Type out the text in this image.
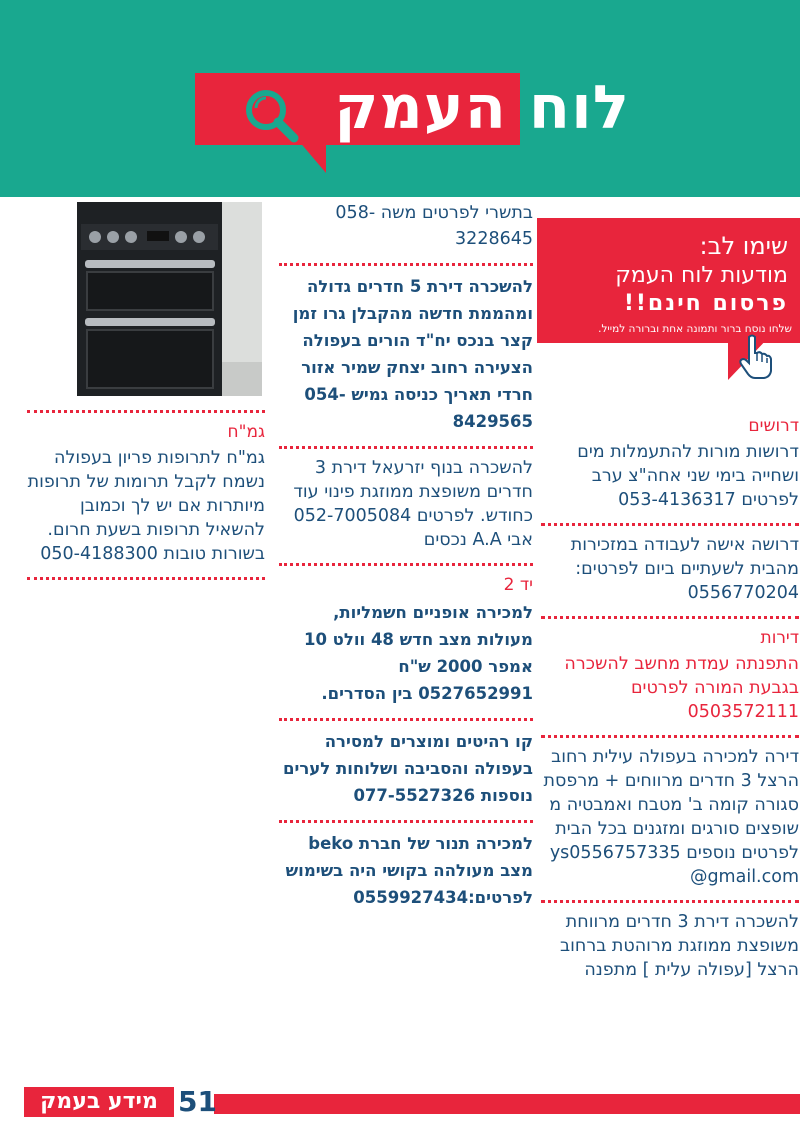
לוח העמק
שימו לב:
מודעות לוח העמק
פרסום חינם!!
שלחו נוסח ברור ותמונה אחת וברורה למייל.
דרושים
דרושות מורות להתעמלות מים ושחייה בימי שני אחה"צ ערב לפרטים 053-4136317
דרושה אישה לעבודה במזכירות מהבית לשעתיים ביום לפרטים: 0556770204
דירות
התפנתה עמדת מחשב להשכרה בגבעת המורה לפרטים 0503572111
דירה למכירה בעפולה עילית רחוב הרצל 3 חדרים מרווחים + מרפסת סגורה קומה ב' מטבח ואמבטיה משופצים סורגים ומזגנים בכל הבית לפרטים נוספים ys0556757335@gmail.com
להשכרה דירת 3 חדרים מרווחת משופצת ממוזגת מרוהטת ברחוב הרצל [עפולה עלית ] מתפנה
בתשרי לפרטים משה -058 3228645
להשכרה דירת 5 חדרים גדולה ומהממת חדשה מהקבלן גרו זמן קצר בנכס יח"ד הורים בעפולה הצעירה רחוב יצחק שמיר אזור חרדי תאריך כניסה גמיש 054-8429565
להשכרה בנוף יזרעאל דירת 3 חדרים משופצת ממוזגת פינוי עוד כחודש. לפרטים 052-7005084 אבי A.A נכסים
יד 2
למכירה אופניים חשמליות, מעולות מצב חדש 48 וולט 10 אמפר 2000 ש"ח 0527652991 בין הסדרים.
קו רהיטים ומוצרים למסירה בעפולה והסביבה ושלוחות לערים נוספות 077-5527326
למכירה תנור של חברת beko מצב מעולהה בקושי היה בשימוש לפרטים:0559927434
גמ"ח
גמ"ח לתרופות פריון בעפולה נשמח לקבל תרומות של תרופות מיותרות אם יש לך וכמובן להשאיל תרופות בשעת חרום. בשורות טובות 050-4188300
51
מידע בעמק
